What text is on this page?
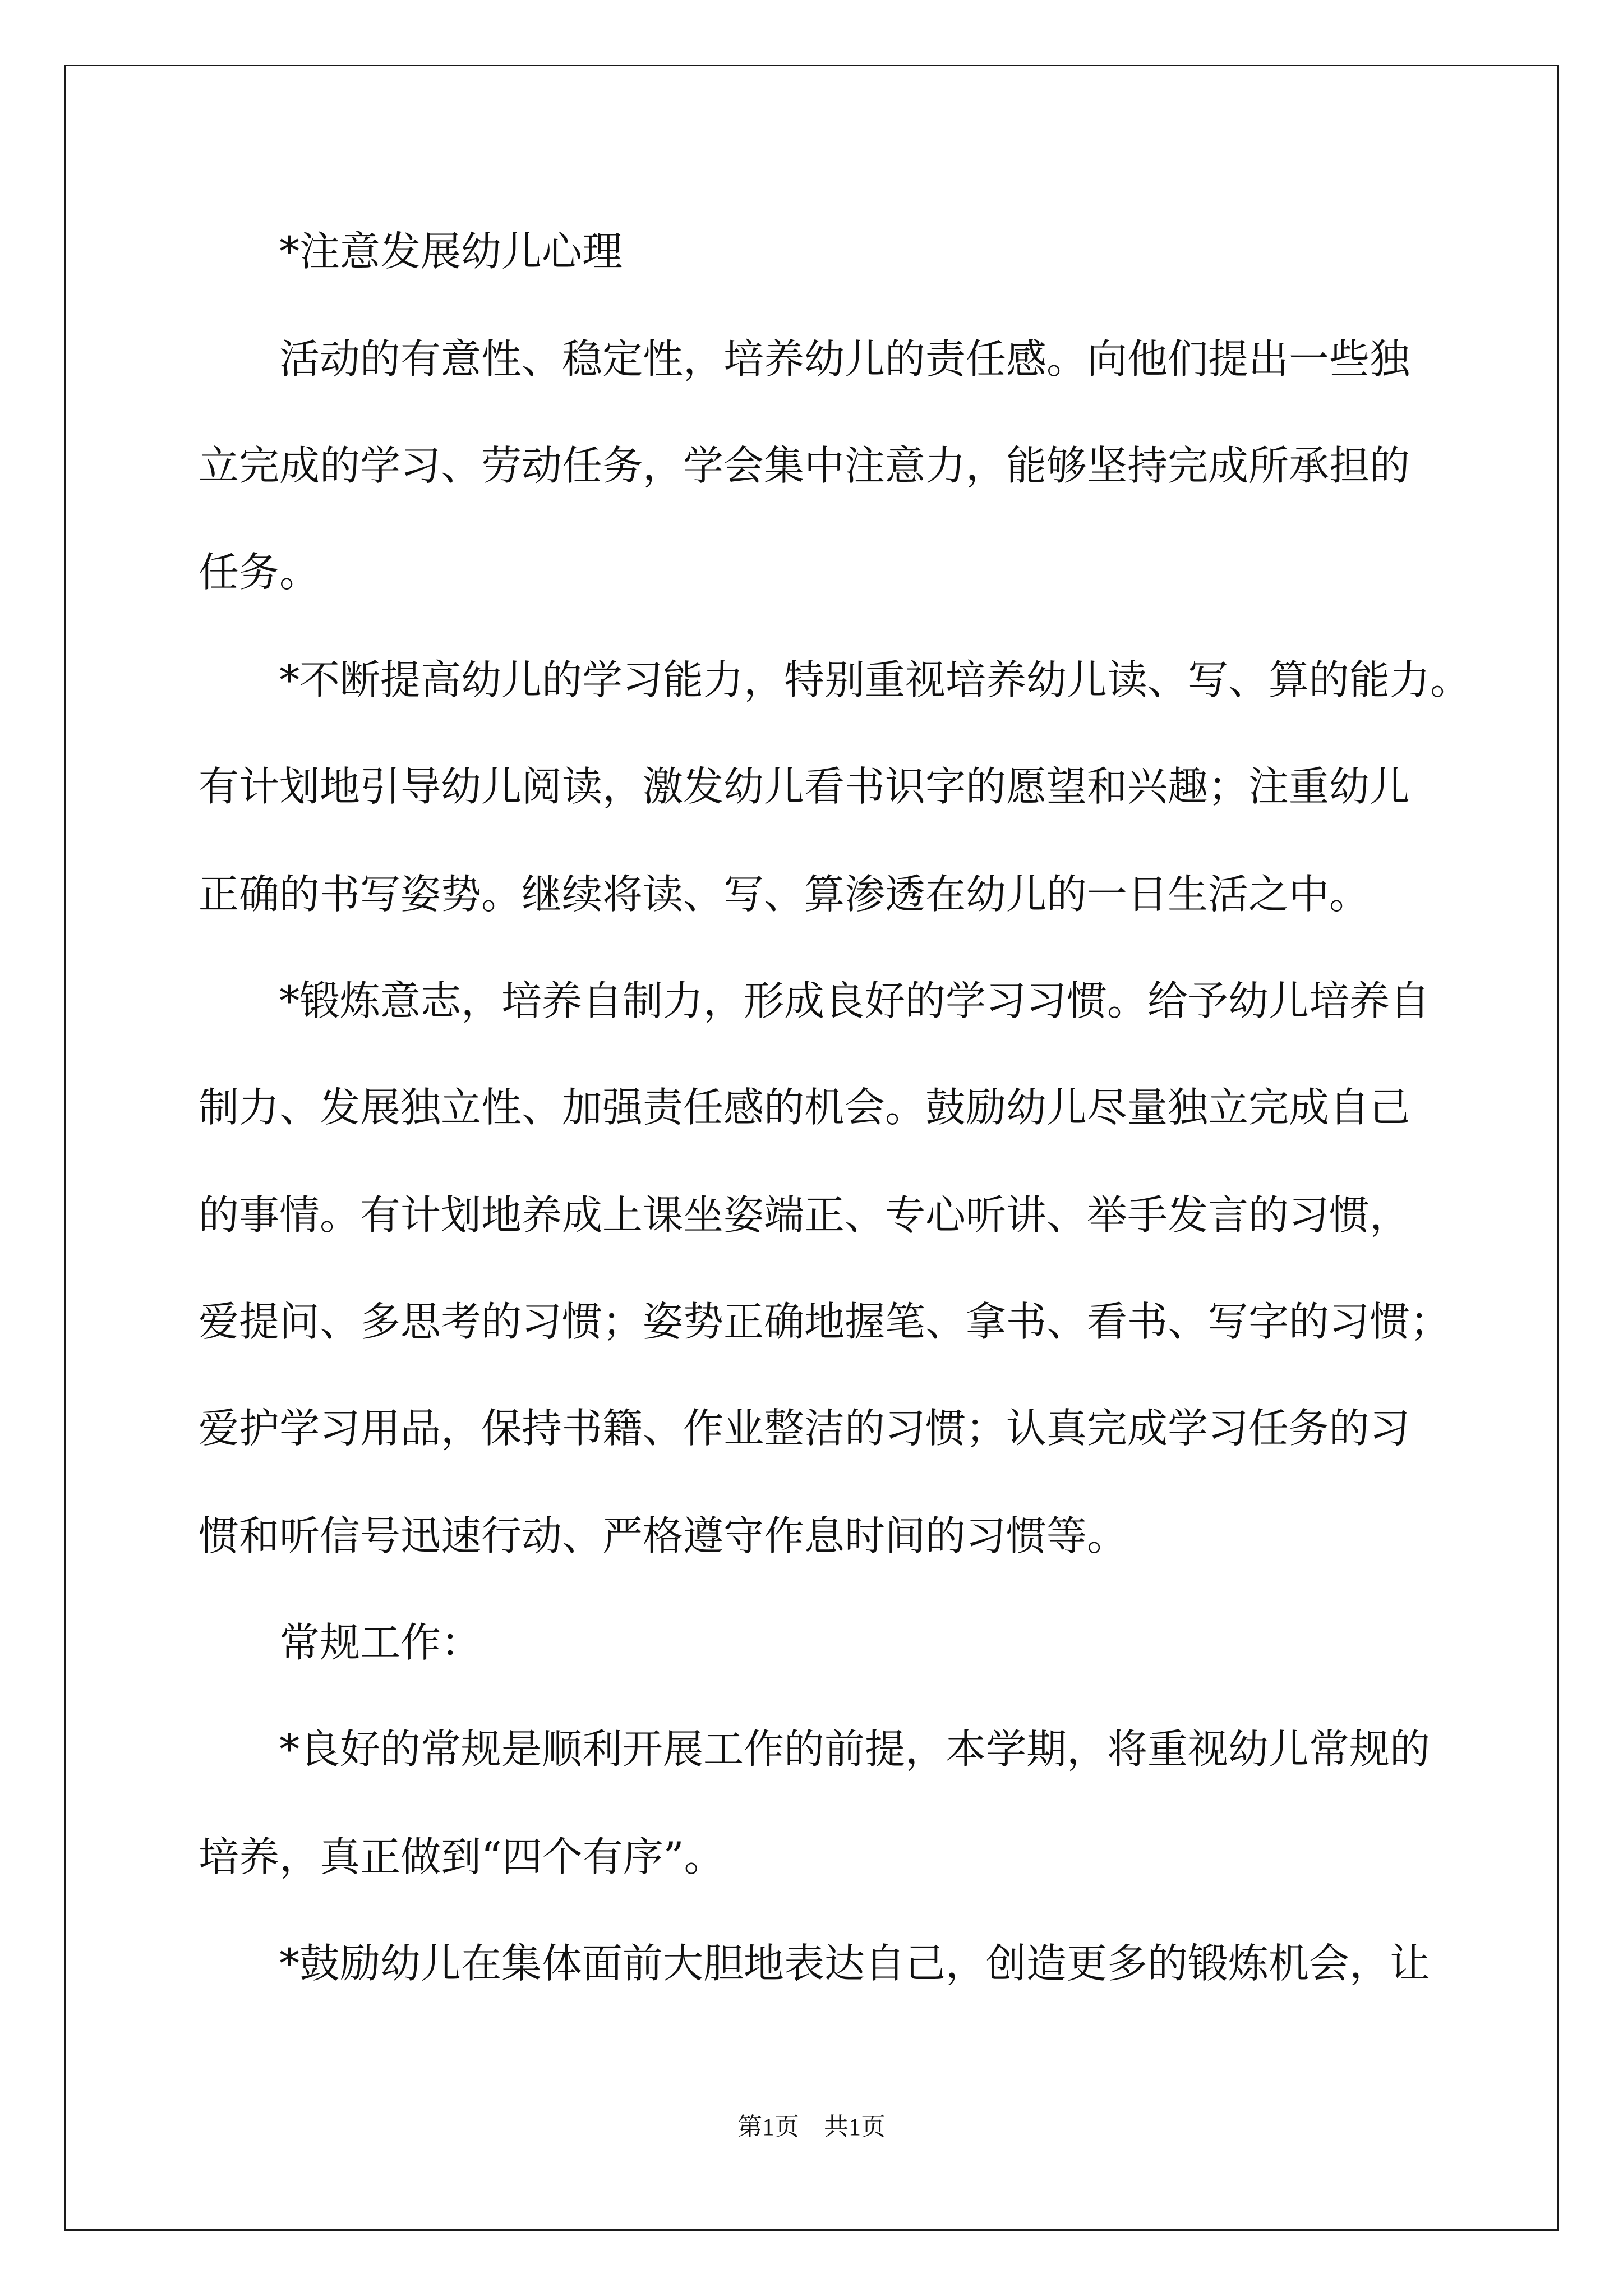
*注意发展幼儿心理

活动的有意性、稳定性，培养幼儿的责任感。向他们提出一些独

立完成的学习、劳动任务，学会集中注意力，能够坚持完成所承担的

任务。

*不断提高幼儿的学习能力，特别重视培养幼儿读、写、算的能力。

有计划地引导幼儿阅读，激发幼儿看书识字的愿望和兴趣；注重幼儿

正确的书写姿势。继续将读、写、算渗透在幼儿的一日生活之中。

*锻炼意志，培养自制力，形成良好的学习习惯。给予幼儿培养自

制力、发展独立性、加强责任感的机会。鼓励幼儿尽量独立完成自己

的事情。有计划地养成上课坐姿端正、专心听讲、举手发言的习惯，

爱提问、多思考的习惯；姿势正确地握笔、拿书、看书、写字的习惯；

爱护学习用品，保持书籍、作业整洁的习惯；认真完成学习任务的习

惯和听信号迅速行动、严格遵守作息时间的习惯等。

常规工作：

*良好的常规是顺利开展工作的前提，本学期，将重视幼儿常规的

培养，真正做到“四个有序”。

*鼓励幼儿在集体面前大胆地表达自己，创造更多的锻炼机会，让

第1页 共1页
